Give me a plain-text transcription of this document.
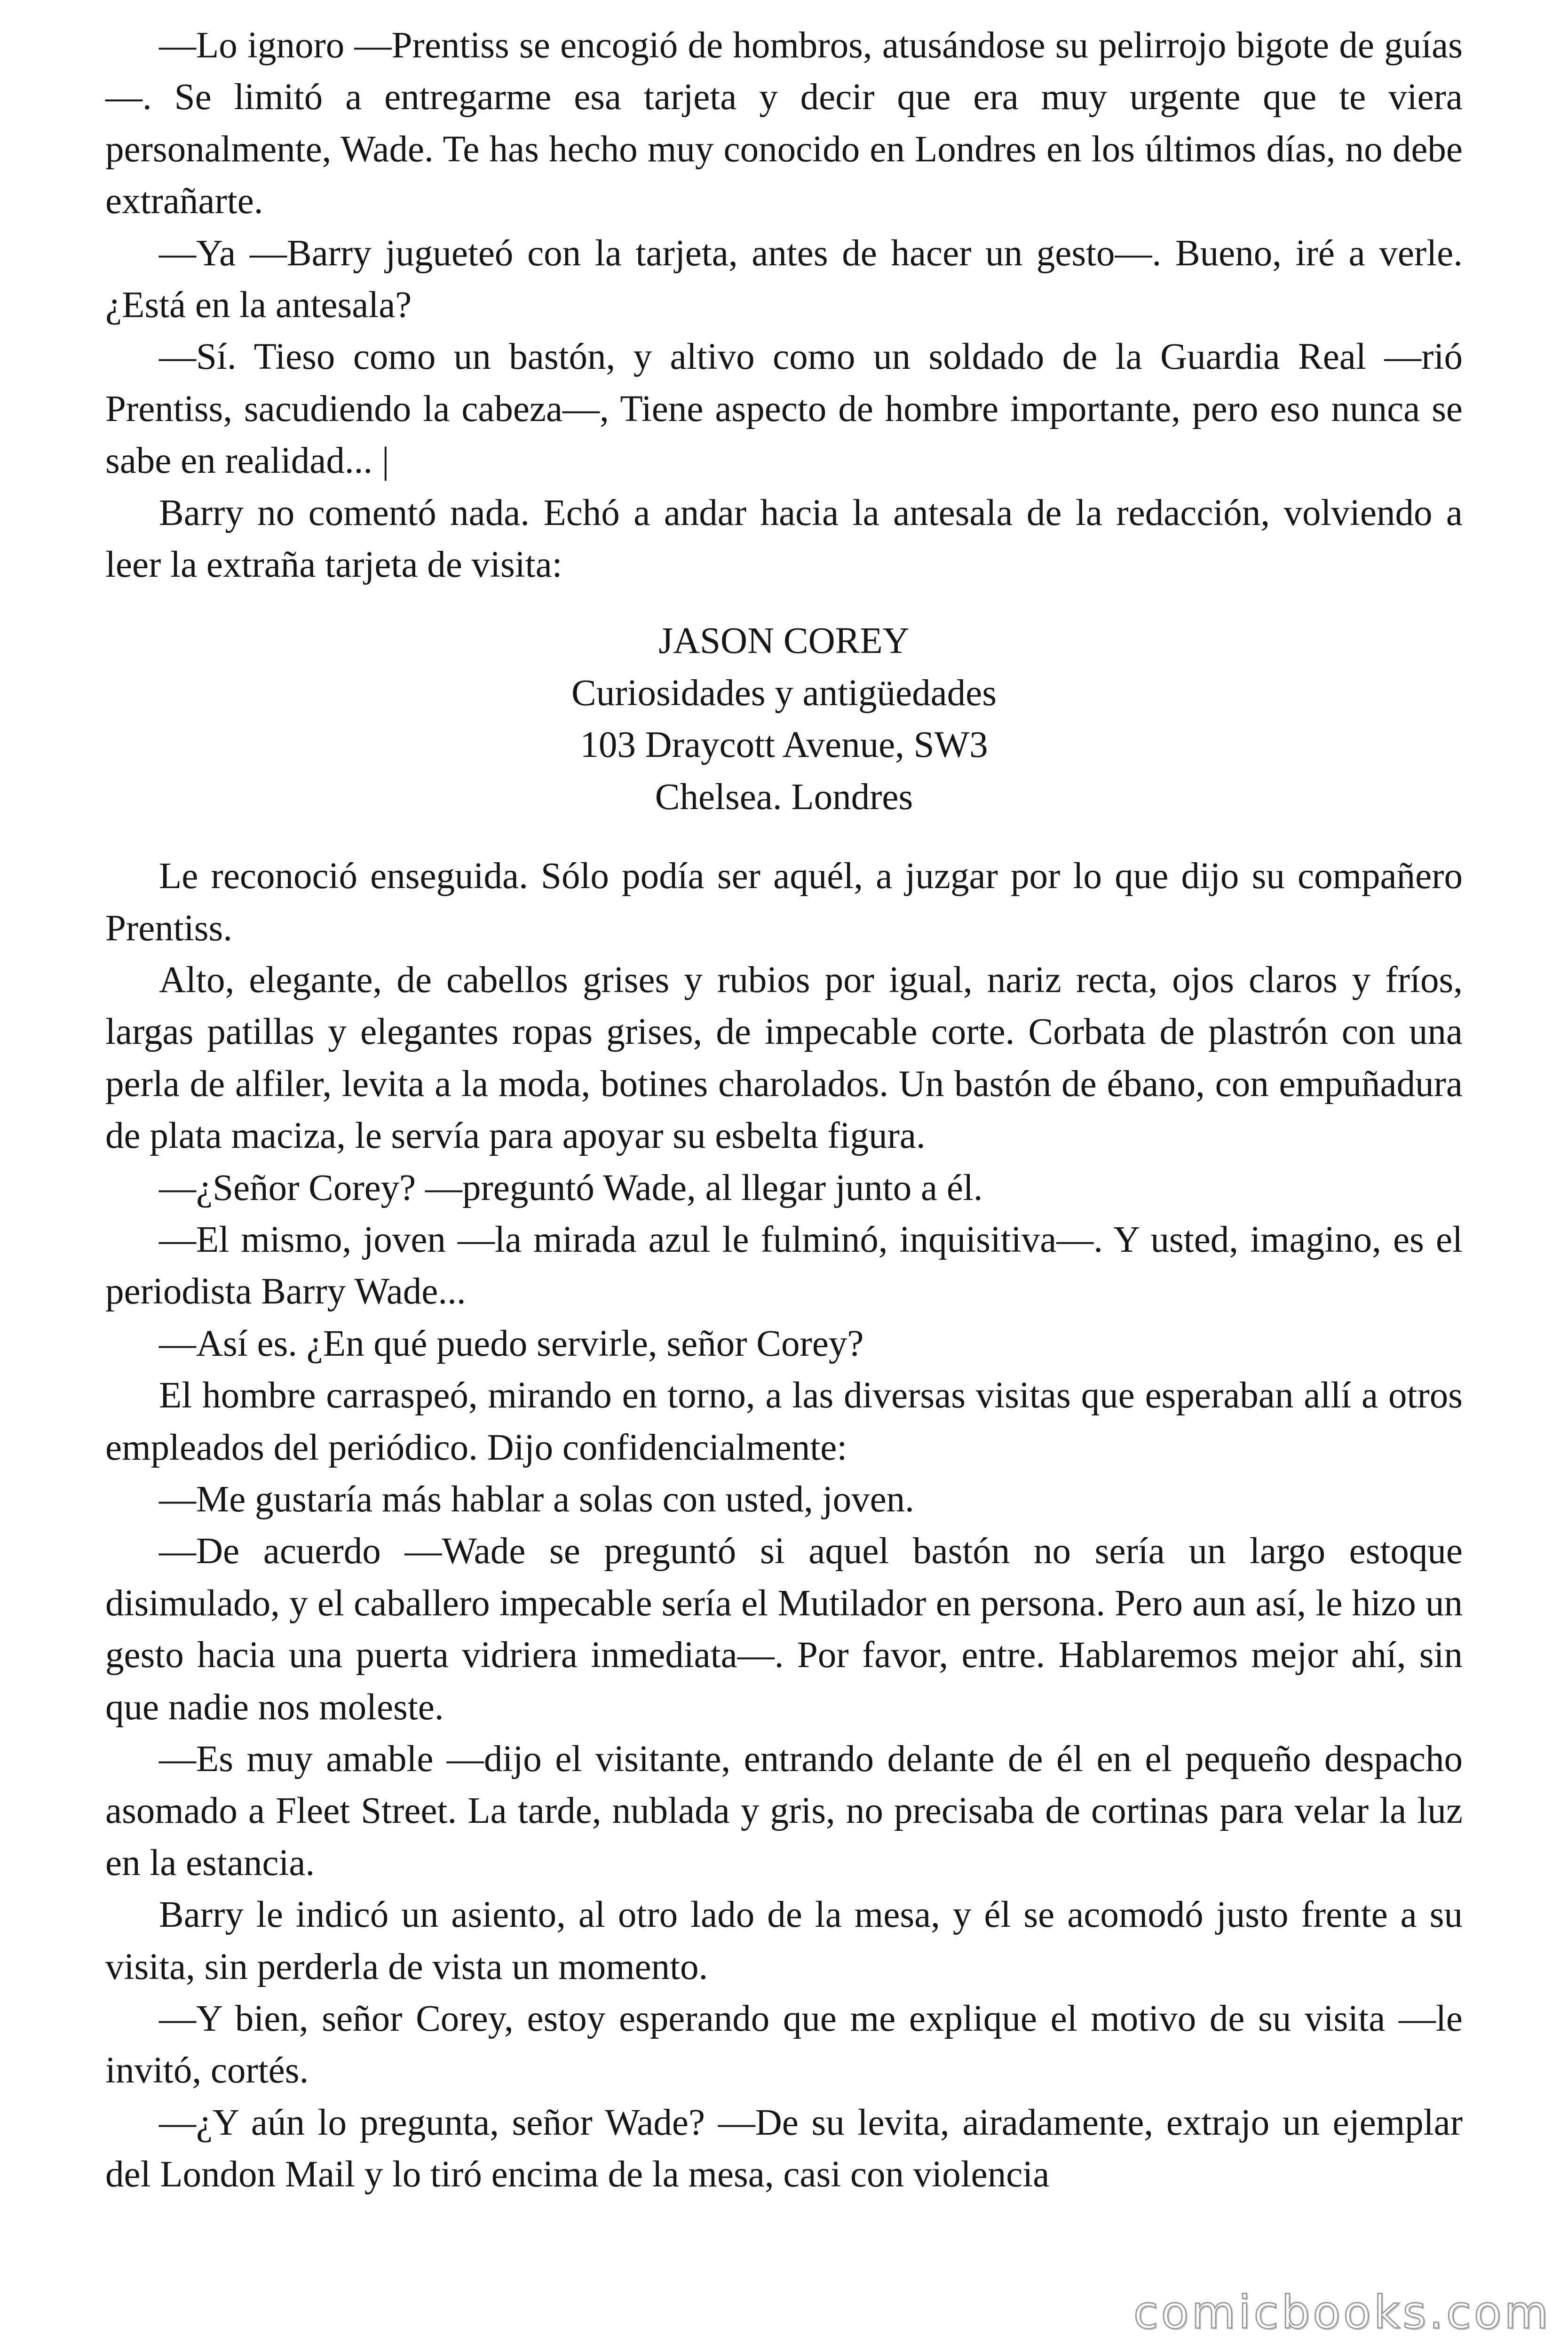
—Lo ignoro —Prentiss se encogió de hombros, atusándose su pelirrojo bigote de guías—. Se limitó a entregarme esa tarjeta y decir que era muy urgente que te viera personalmente, Wade. Te has hecho muy conocido en Londres en los últimos días, no debe extrañarte.

—Ya —Barry jugueteó con la tarjeta, antes de hacer un gesto—. Bueno, iré a verle. ¿Está en la antesala?

—Sí. Tieso como un bastón, y altivo como un soldado de la Guardia Real —rió Prentiss, sacudiendo la cabeza—, Tiene aspecto de hombre importante, pero eso nunca se sabe en realidad... |

Barry no comentó nada. Echó a andar hacia la antesala de la redacción, volviendo a leer la extraña tarjeta de visita:

JASON COREY
Curiosidades y antigüedades
103 Draycott Avenue, SW3
Chelsea. Londres

Le reconoció enseguida. Sólo podía ser aquél, a juzgar por lo que dijo su compañero Prentiss.

Alto, elegante, de cabellos grises y rubios por igual, nariz recta, ojos claros y fríos, largas patillas y elegantes ropas grises, de impecable corte. Corbata de plastrón con una perla de alfiler, levita a la moda, botines charolados. Un bastón de ébano, con empuñadura de plata maciza, le servía para apoyar su esbelta figura.

—¿Señor Corey? —preguntó Wade, al llegar junto a él.

—El mismo, joven —la mirada azul le fulminó, inquisitiva—. Y usted, imagino, es el periodista Barry Wade...

—Así es. ¿En qué puedo servirle, señor Corey?

El hombre carraspeó, mirando en torno, a las diversas visitas que esperaban allí a otros empleados del periódico. Dijo confidencialmente:

—Me gustaría más hablar a solas con usted, joven.

—De acuerdo —Wade se preguntó si aquel bastón no sería un largo estoque disimulado, y el caballero impecable sería el Mutilador en persona. Pero aun así, le hizo un gesto hacia una puerta vidriera inmediata—. Por favor, entre. Hablaremos mejor ahí, sin que nadie nos moleste.

—Es muy amable —dijo el visitante, entrando delante de él en el pequeño despacho asomado a Fleet Street. La tarde, nublada y gris, no precisaba de cortinas para velar la luz en la estancia.

Barry le indicó un asiento, al otro lado de la mesa, y él se acomodó justo frente a su visita, sin perderla de vista un momento.

—Y bien, señor Corey, estoy esperando que me explique el motivo de su visita —le invitó, cortés.

—¿Y aún lo pregunta, señor Wade? —De su levita, airadamente, extrajo un ejemplar del London Mail y lo tiró encima de la mesa, casi con violencia

comicbooks.com
